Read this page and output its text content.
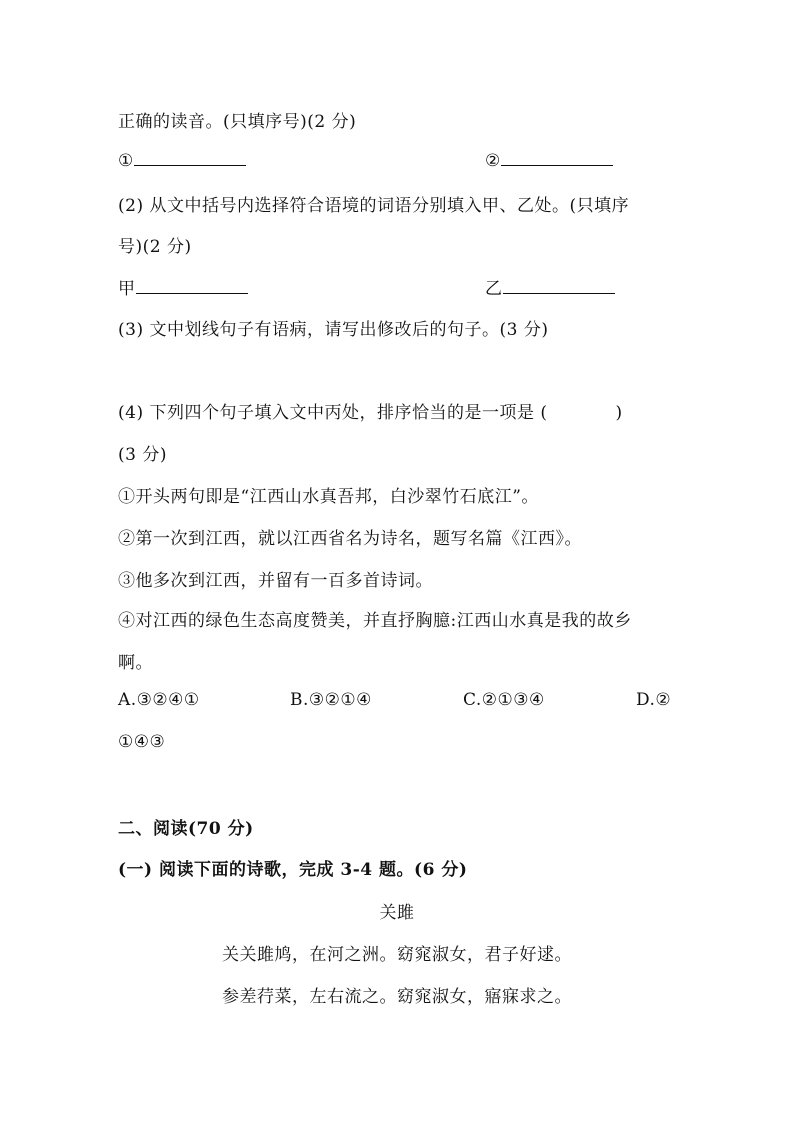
正确的读音。(只填序号)(2 分)
①	②
(2) 从文中括号内选择符合语境的词语分别填入甲、乙处。(只填序
号)(2 分)
甲	乙
(3) 文中划线句子有语病，请写出修改后的句子。(3 分)
(4) 下列四个句子填入文中丙处，排序恰当的是一项是 (	)
(3 分)
①开头两句即是“江西山水真吾邦，白沙翠竹石底江”。
②第一次到江西，就以江西省名为诗名，题写名篇《江西》。
③他多次到江西，并留有一百多首诗词。
④对江西的绿色生态高度赞美，并直抒胸臆:江西山水真是我的故乡
啊。
A.③②④①	B.③②①④	C.②①③④	D.②
①④③
二、阅读(70 分)
(一) 阅读下面的诗歌，完成 3-4 题。(6 分)
关雎
关关雎鸠，在河之洲。窈窕淑女，君子好逑。
参差荇菜，左右流之。窈窕淑女，寤寐求之。
